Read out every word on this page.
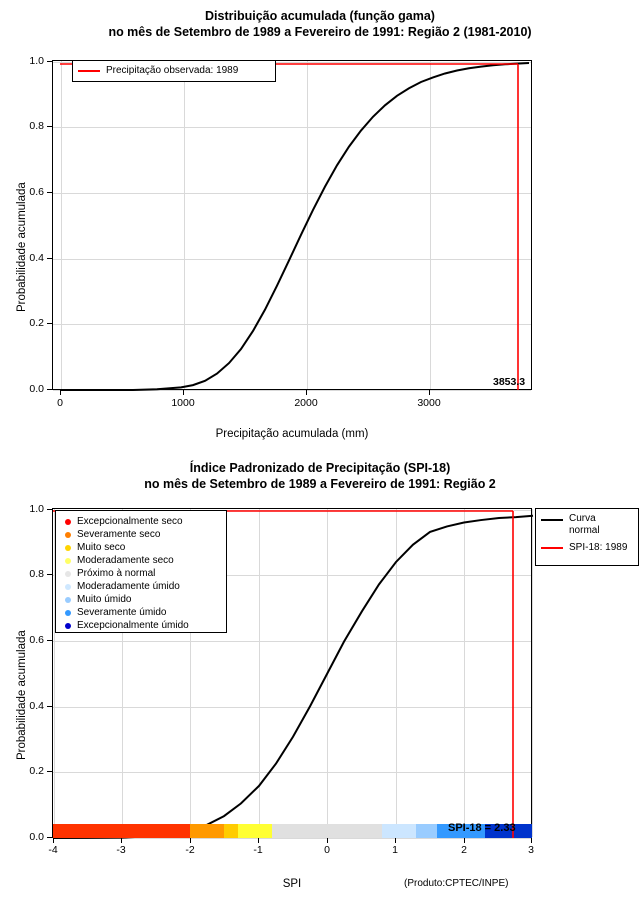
Distribuição acumulada (função gama)
no mês de Setembro de 1989 a Fevereiro de 1991: Região 2 (1981-2010)
Probabilidade acumulada
0.0
0.2
0.4
0.6
0.8
1.0
0	1000	2000	3000
Precipitação acumulada (mm)
3853.3
Precipitação observada: 1989
Índice Padronizado de Precipitação (SPI-18)
no mês de Setembro de 1989 a Fevereiro de 1991: Região 2
Probabilidade acumulada
0.0
0.2
0.4
0.6
0.8
1.0
-4	-3	-2	-1	0	1	2	3
SPI	(Produto:CPTEC/INPE)
SPI-18 = 2.33
Excepcionalmente seco
Severamente seco
Muito seco
Moderadamente seco
Próximo à normal
Moderadamente úmido
Muito úmido
Severamente úmido
Excepcionalmente úmido
Curva
normal
SPI-18: 1989
